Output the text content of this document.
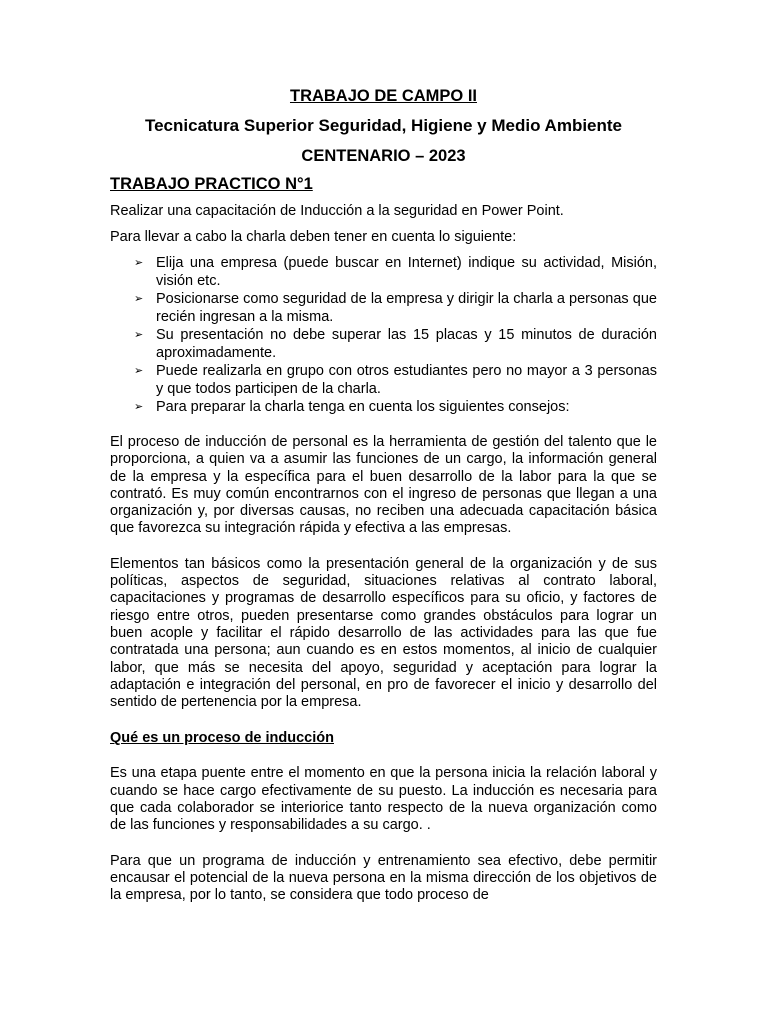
TRABAJO DE CAMPO II

Tecnicatura Superior Seguridad, Higiene y Medio Ambiente

CENTENARIO – 2023

TRABAJO PRACTICO N°1

Realizar una capacitación de Inducción a la seguridad en Power Point.

Para llevar a cabo la charla deben tener en cuenta lo siguiente:

➢ Elija una empresa (puede buscar en Internet) indique su actividad, Misión, visión etc.
➢ Posicionarse como seguridad de la empresa y dirigir la charla a personas que recién ingresan a la misma.
➢ Su presentación no debe superar las 15 placas y 15 minutos de duración aproximadamente.
➢ Puede realizarla en grupo con otros estudiantes pero no mayor a 3 personas y que todos participen de la charla.
➢ Para preparar la charla tenga en cuenta los siguientes consejos:

El proceso de inducción de personal es la herramienta de gestión del talento que le proporciona, a quien va a asumir las funciones de un cargo, la información general de la empresa y la específica para el buen desarrollo de la labor para la que se contrató. Es muy común encontrarnos con el ingreso de personas que llegan a una organización y, por diversas causas, no reciben una adecuada capacitación básica que favorezca su integración rápida y efectiva a las empresas.

Elementos tan básicos como la presentación general de la organización y de sus políticas, aspectos de seguridad, situaciones relativas al contrato laboral, capacitaciones y programas de desarrollo específicos para su oficio, y factores de riesgo entre otros, pueden presentarse como grandes obstáculos para lograr un buen acople y facilitar el rápido desarrollo de las actividades para las que fue contratada una persona; aun cuando es en estos momentos, al inicio de cualquier labor, que más se necesita del apoyo, seguridad y aceptación para lograr la adaptación e integración del personal, en pro de favorecer el inicio y desarrollo del sentido de pertenencia por la empresa.

Qué es un proceso de inducción

Es una etapa puente entre el momento en que la persona inicia la relación laboral y cuando se hace cargo efectivamente de su puesto. La inducción es necesaria para que cada colaborador se interiorice tanto respecto de la nueva organización como de las funciones y responsabilidades a su cargo. .

Para que un programa de inducción y entrenamiento sea efectivo, debe permitir encausar el potencial de la nueva persona en la misma dirección de los objetivos de la empresa, por lo tanto, se considera que todo proceso de
